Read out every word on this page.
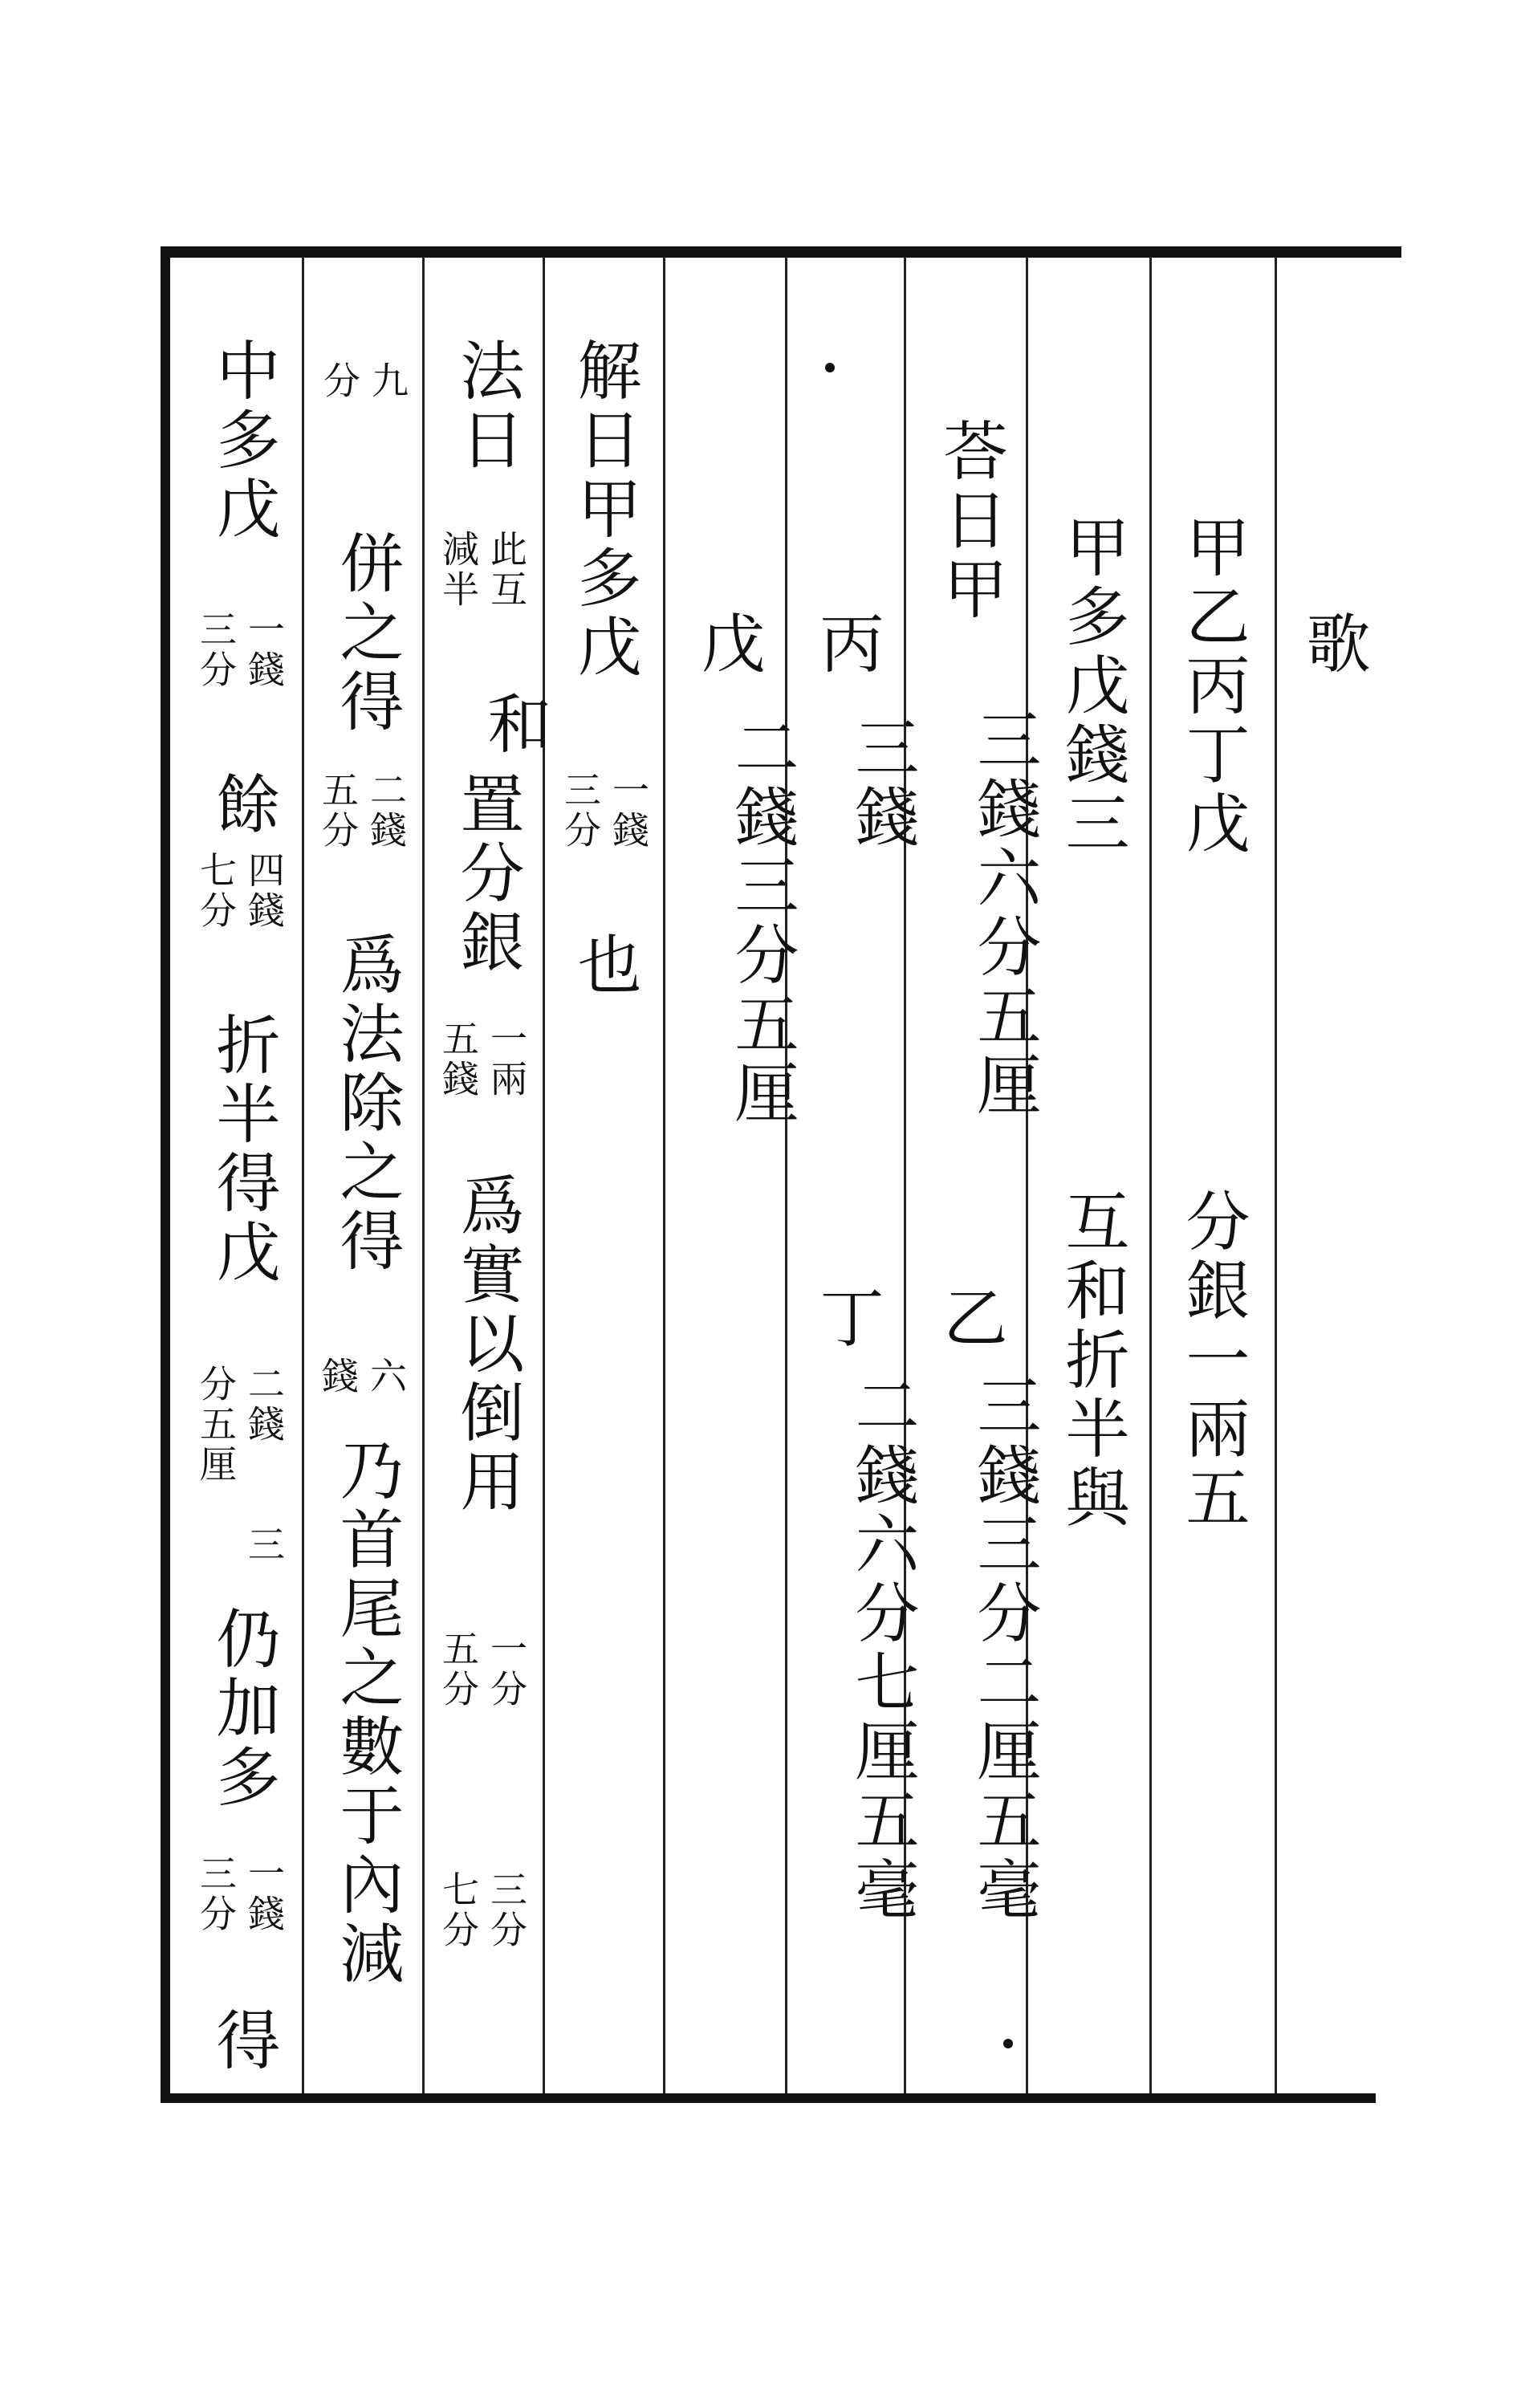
歌
甲乙丙丁戊
分銀一兩五
甲多戊錢三
互和折半與
荅日甲
三錢六分五厘
乙
三錢三分二厘五毫
丙
三錢
丁
二錢六分七厘五毫
戊
二錢三分五厘
解日甲多戊
一錢
三分
也
法日
此互
減半
和
置分銀
一兩
五錢
爲實以倒用
一分
五分
三分
七分
九
分
併之得
二錢
五分
爲法除之得
六
錢
乃首尾之數于內減
中多戊
一錢
三分
餘
四錢
七分
折半得戊
二錢
分五厘
三
仍加多
一錢
三分
得
